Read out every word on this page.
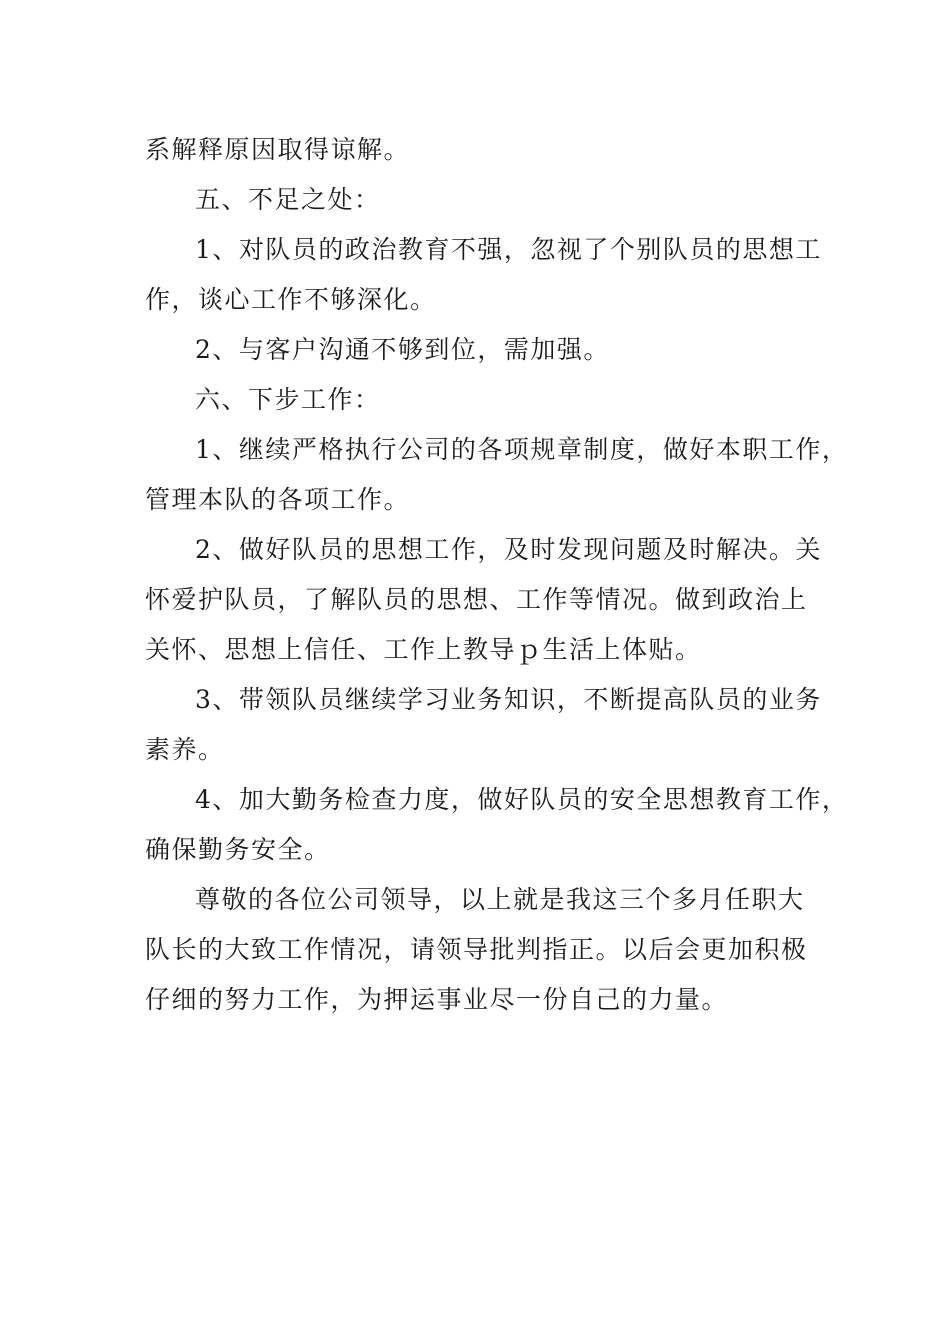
系解释原因取得谅解。
五、不足之处：
1、对队员的政治教育不强，忽视了个别队员的思想工
作，谈心工作不够深化。
2、与客户沟通不够到位，需加强。
六、下步工作：
1、继续严格执行公司的各项规章制度，做好本职工作，
管理本队的各项工作。
2、做好队员的思想工作，及时发现问题及时解决。关
怀爱护队员，了解队员的思想、工作等情况。做到政治上
关怀、思想上信任、工作上教导ｐ生活上体贴。
3、带领队员继续学习业务知识，不断提高队员的业务
素养。
4、加大勤务检查力度，做好队员的安全思想教育工作，
确保勤务安全。
尊敬的各位公司领导，以上就是我这三个多月任职大
队长的大致工作情况，请领导批判指正。以后会更加积极
仔细的努力工作，为押运事业尽一份自己的力量。
